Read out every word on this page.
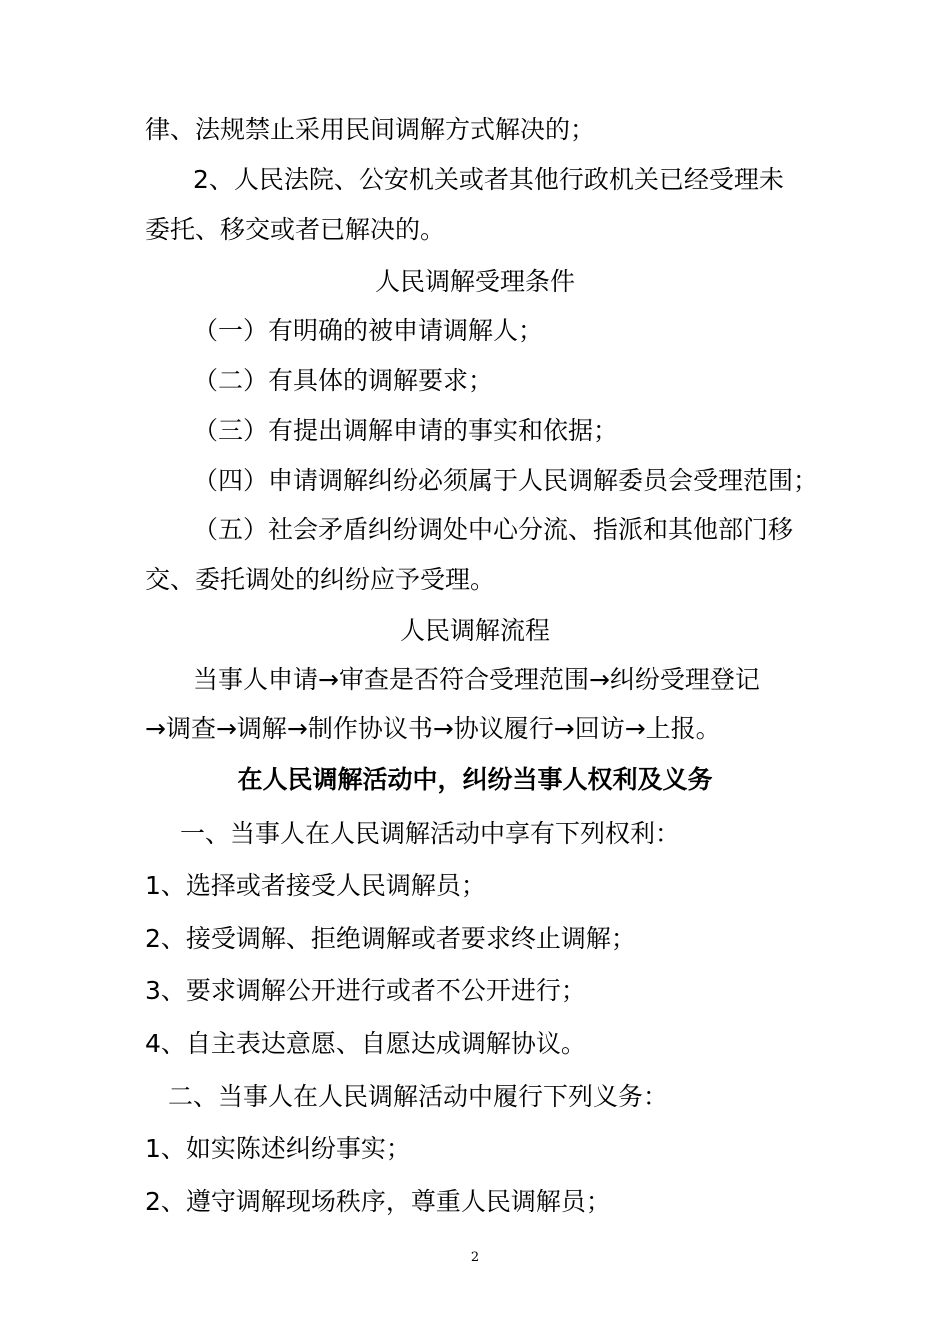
律、法规禁止采用民间调解方式解决的；
2、人民法院、公安机关或者其他行政机关已经受理未
委托、移交或者已解决的。
人民调解受理条件
（一）有明确的被申请调解人；
（二）有具体的调解要求；
（三）有提出调解申请的事实和依据；
（四）申请调解纠纷必须属于人民调解委员会受理范围；
（五）社会矛盾纠纷调处中心分流、指派和其他部门移
交、委托调处的纠纷应予受理。
人民调解流程
当事人申请→审查是否符合受理范围→纠纷受理登记
→调查→调解→制作协议书→协议履行→回访→上报。
在人民调解活动中，纠纷当事人权利及义务
一、当事人在人民调解活动中享有下列权利：
1、选择或者接受人民调解员；
2、接受调解、拒绝调解或者要求终止调解；
3、要求调解公开进行或者不公开进行；
4、自主表达意愿、自愿达成调解协议。
二、当事人在人民调解活动中履行下列义务：
1、如实陈述纠纷事实；
2、遵守调解现场秩序，尊重人民调解员；
2
